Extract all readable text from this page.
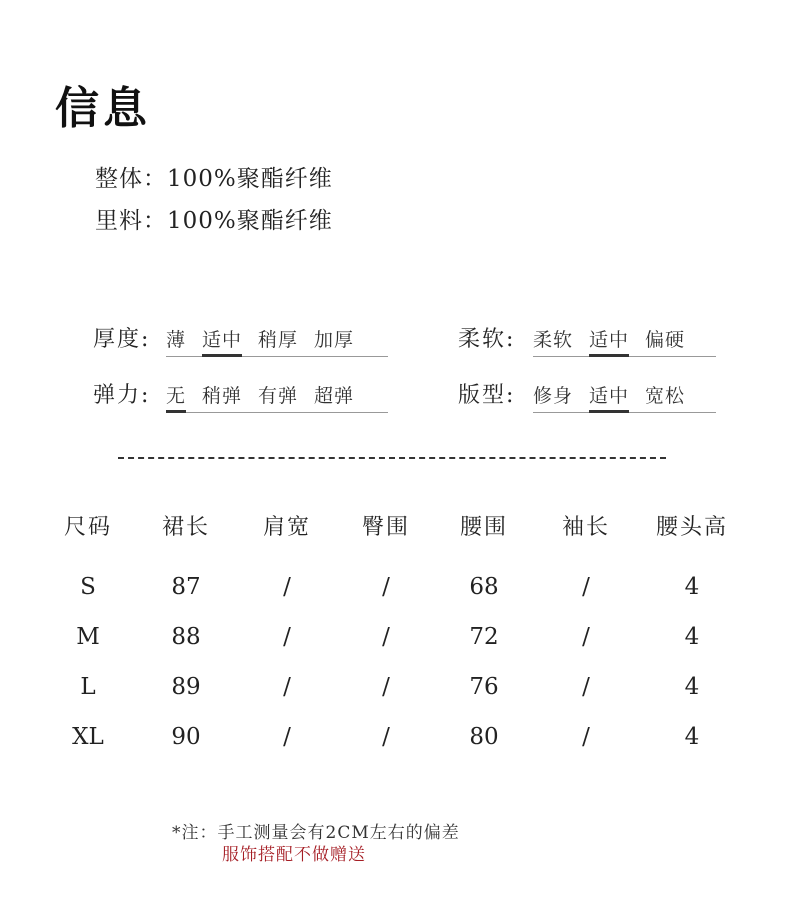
信息
整体：100%聚酯纤维
里料：100%聚酯纤维
厚度: 薄 适中 稍厚 加厚	柔软: 柔软 适中 偏硬
弹力: 无 稍弹 有弹 超弹	版型: 修身 适中 宽松
尺码	裙长	肩宽	臀围	腰围	袖长	腰头高
S	87	/	/	68	/	4
M	88	/	/	72	/	4
L	89	/	/	76	/	4
XL	90	/	/	80	/	4
*注：手工测量会有2CM左右的偏差
服饰搭配不做赠送
